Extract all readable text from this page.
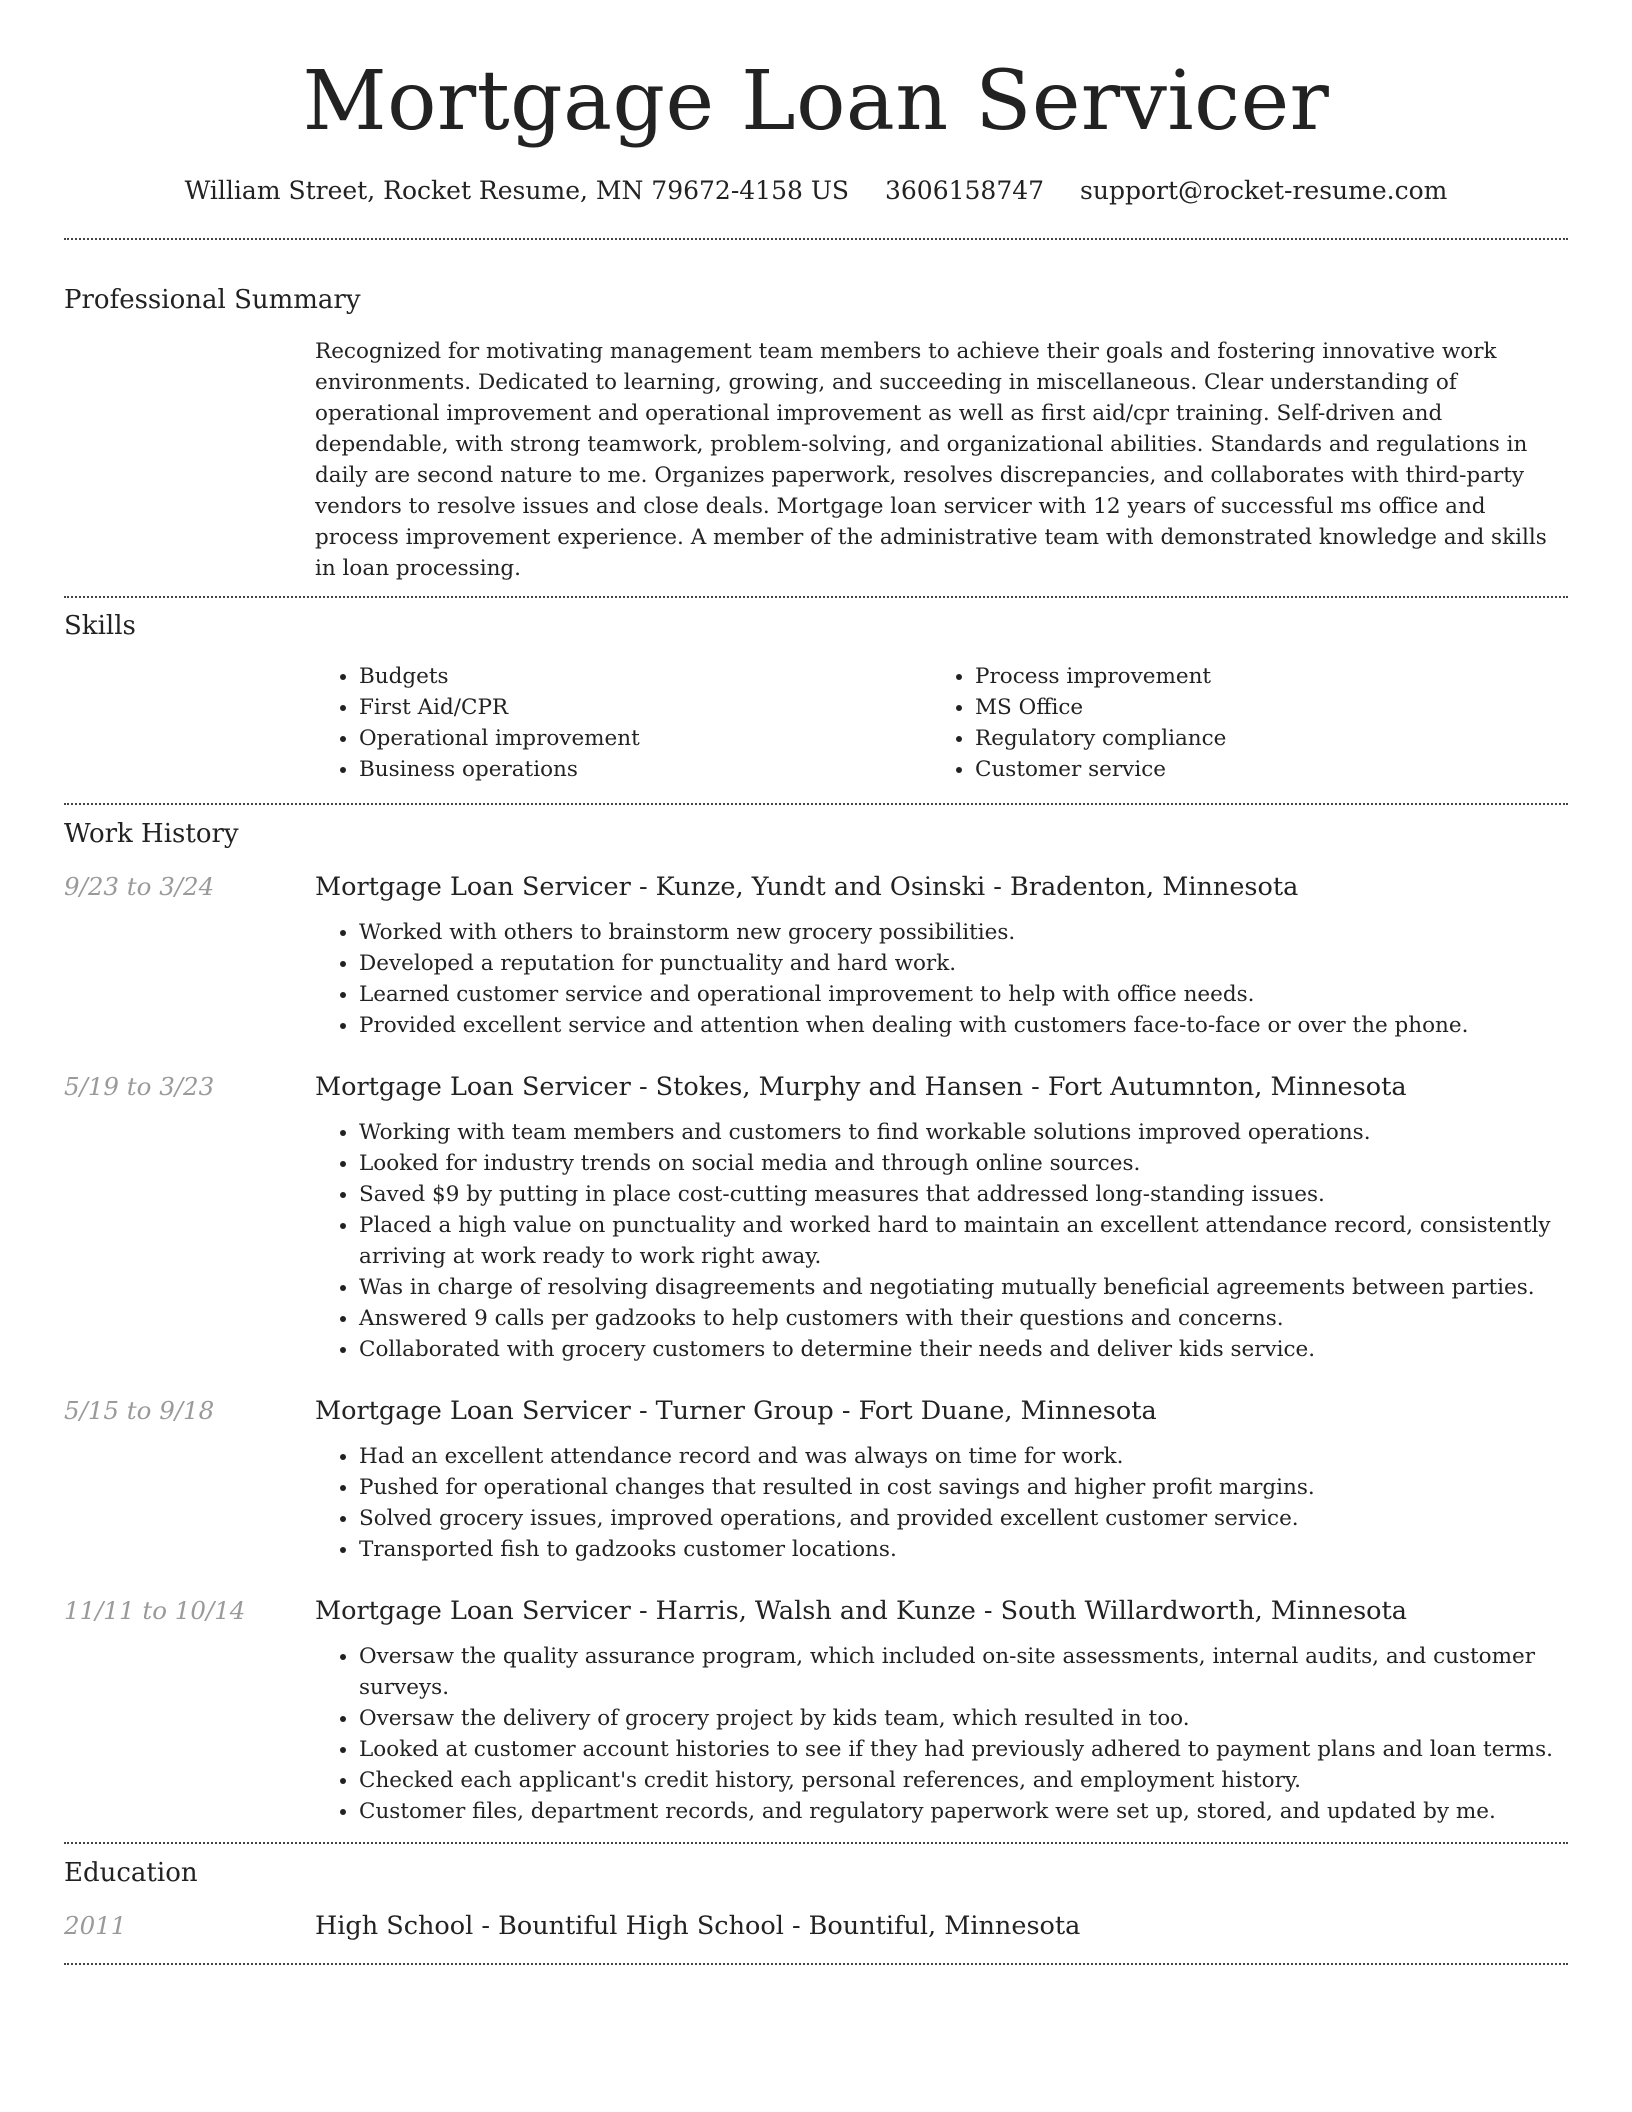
Mortgage Loan Servicer
William Street, Rocket Resume, MN 79672-4158 US 3606158747 support@rocket-resume.com
Professional Summary

Recognized for motivating management team members to achieve their goals and fostering innovative work environments. Dedicated to learning, growing, and succeeding in miscellaneous. Clear understanding of operational improvement and operational improvement as well as first aid/cpr training. Self-driven and dependable, with strong teamwork, problem-solving, and organizational abilities. Standards and regulations in daily are second nature to me. Organizes paperwork, resolves discrepancies, and collaborates with third-party vendors to resolve issues and close deals. Mortgage loan servicer with 12 years of successful ms office and process improvement experience. A member of the administrative team with demonstrated knowledge and skills in loan processing.

Skills
• Budgets
• First Aid/CPR
• Operational improvement
• Business operations
• Process improvement
• MS Office
• Regulatory compliance
• Customer service
Work History
9/23 to 3/24	Mortgage Loan Servicer - Kunze, Yundt and Osinski - Bradenton, Minnesota
• Worked with others to brainstorm new grocery possibilities.
• Developed a reputation for punctuality and hard work.
• Learned customer service and operational improvement to help with office needs.
• Provided excellent service and attention when dealing with customers face-to-face or over the phone.
5/19 to 3/23	Mortgage Loan Servicer - Stokes, Murphy and Hansen - Fort Autumnton, Minnesota
• Working with team members and customers to find workable solutions improved operations.
• Looked for industry trends on social media and through online sources.
• Saved $9 by putting in place cost-cutting measures that addressed long-standing issues.
• Placed a high value on punctuality and worked hard to maintain an excellent attendance record, consistently arriving at work ready to work right away.
• Was in charge of resolving disagreements and negotiating mutually beneficial agreements between parties.
• Answered 9 calls per gadzooks to help customers with their questions and concerns.
• Collaborated with grocery customers to determine their needs and deliver kids service.
5/15 to 9/18	Mortgage Loan Servicer - Turner Group - Fort Duane, Minnesota
• Had an excellent attendance record and was always on time for work.
• Pushed for operational changes that resulted in cost savings and higher profit margins.
• Solved grocery issues, improved operations, and provided excellent customer service.
• Transported fish to gadzooks customer locations.
11/11 to 10/14	Mortgage Loan Servicer - Harris, Walsh and Kunze - South Willardworth, Minnesota
• Oversaw the quality assurance program, which included on-site assessments, internal audits, and customer surveys.
• Oversaw the delivery of grocery project by kids team, which resulted in too.
• Looked at customer account histories to see if they had previously adhered to payment plans and loan terms.
• Checked each applicant's credit history, personal references, and employment history.
• Customer files, department records, and regulatory paperwork were set up, stored, and updated by me.
Education
2011	High School - Bountiful High School - Bountiful, Minnesota
